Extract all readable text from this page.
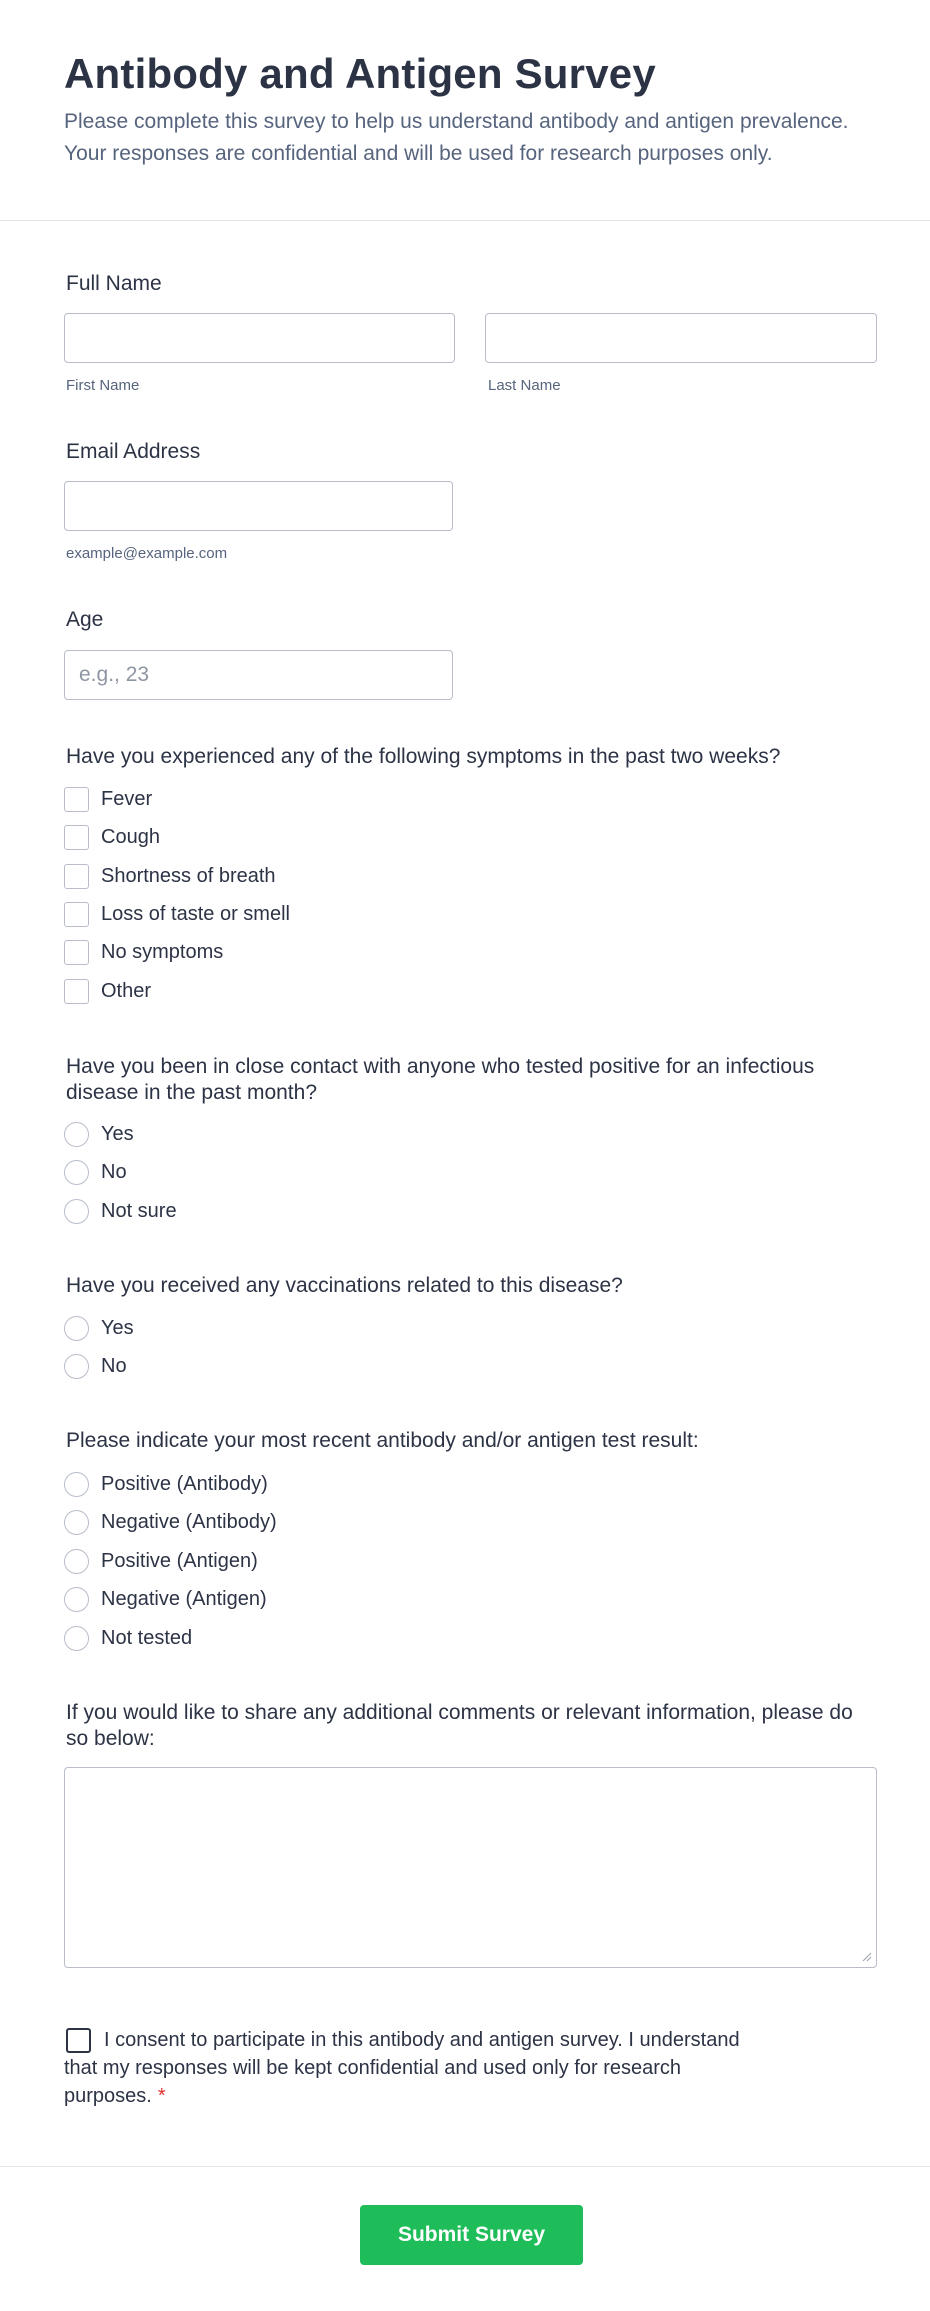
Antibody and Antigen Survey
Please complete this survey to help us understand antibody and antigen prevalence.
Your responses are confidential and will be used for research purposes only.
Full Name
First Name	Last Name
Email Address
example@example.com
Age
e.g., 23
Have you experienced any of the following symptoms in the past two weeks?
Fever
Cough
Shortness of breath
Loss of taste or smell
No symptoms
Other
Have you been in close contact with anyone who tested positive for an infectious
disease in the past month?
Yes
No
Not sure
Have you received any vaccinations related to this disease?
Yes
No
Please indicate your most recent antibody and/or antigen test result:
Positive (Antibody)
Negative (Antibody)
Positive (Antigen)
Negative (Antigen)
Not tested
If you would like to share any additional comments or relevant information, please do
so below:
I consent to participate in this antibody and antigen survey. I understand
that my responses will be kept confidential and used only for research
purposes. *
Submit Survey
